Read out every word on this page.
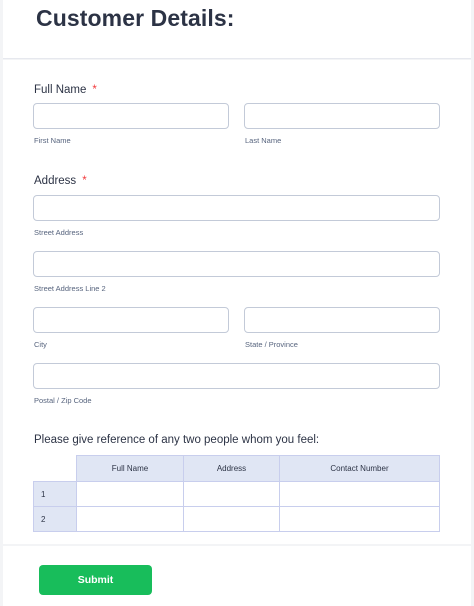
Customer Details:
Full Name *
First Name	Last Name
Address *
Street Address
Street Address Line 2
City	State / Province
Postal / Zip Code
Please give reference of any two people whom you feel:
	Full Name	Address	Contact Number
1			
2			
Submit
